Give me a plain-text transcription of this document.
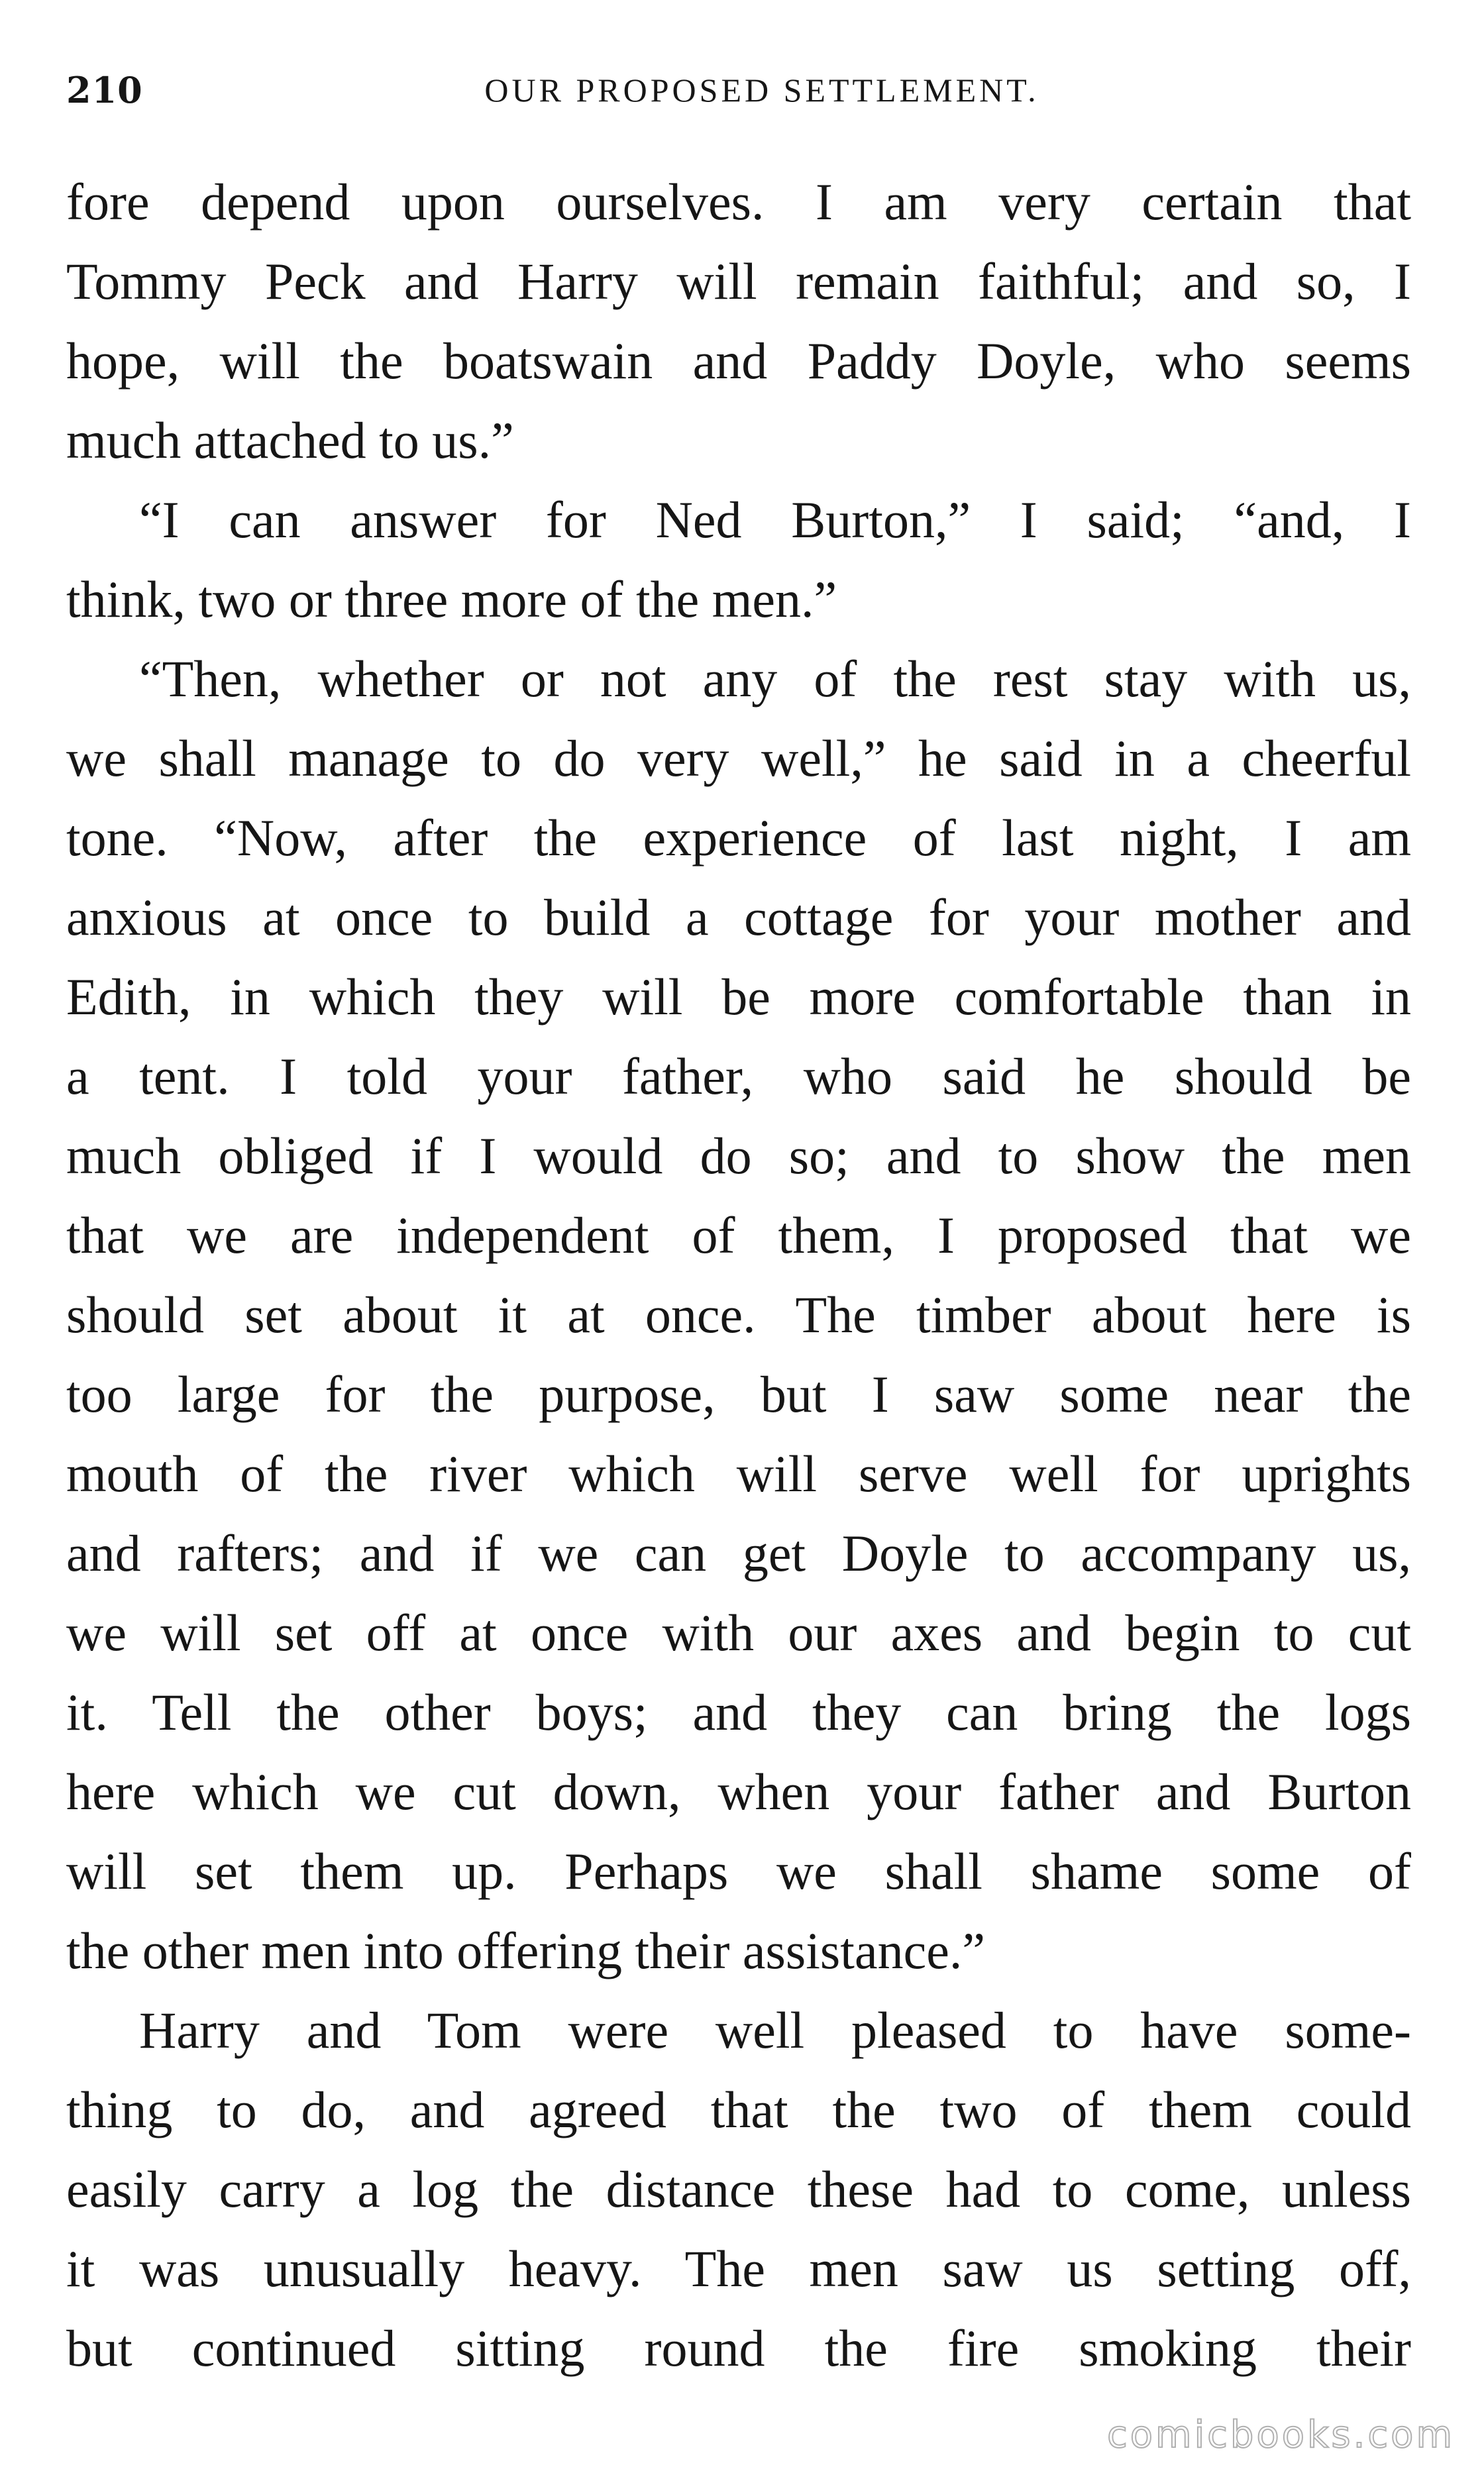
210	OUR PROPOSED SETTLEMENT.
fore depend upon ourselves. I am very certain that
Tommy Peck and Harry will remain faithful; and so, I
hope, will the boatswain and Paddy Doyle, who seems
much attached to us.”
“I can answer for Ned Burton,” I said; “and, I
think, two or three more of the men.”
“Then, whether or not any of the rest stay with us,
we shall manage to do very well,” he said in a cheerful
tone. “Now, after the experience of last night, I am
anxious at once to build a cottage for your mother and
Edith, in which they will be more comfortable than in
a tent. I told your father, who said he should be
much obliged if I would do so; and to show the men
that we are independent of them, I proposed that we
should set about it at once. The timber about here is
too large for the purpose, but I saw some near the
mouth of the river which will serve well for uprights
and rafters; and if we can get Doyle to accompany us,
we will set off at once with our axes and begin to cut
it. Tell the other boys; and they can bring the logs
here which we cut down, when your father and Burton
will set them up. Perhaps we shall shame some of
the other men into offering their assistance.”
Harry and Tom were well pleased to have some-
thing to do, and agreed that the two of them could
easily carry a log the distance these had to come, unless
it was unusually heavy. The men saw us setting off,
but continued sitting round the fire smoking their
comicbooks.com
